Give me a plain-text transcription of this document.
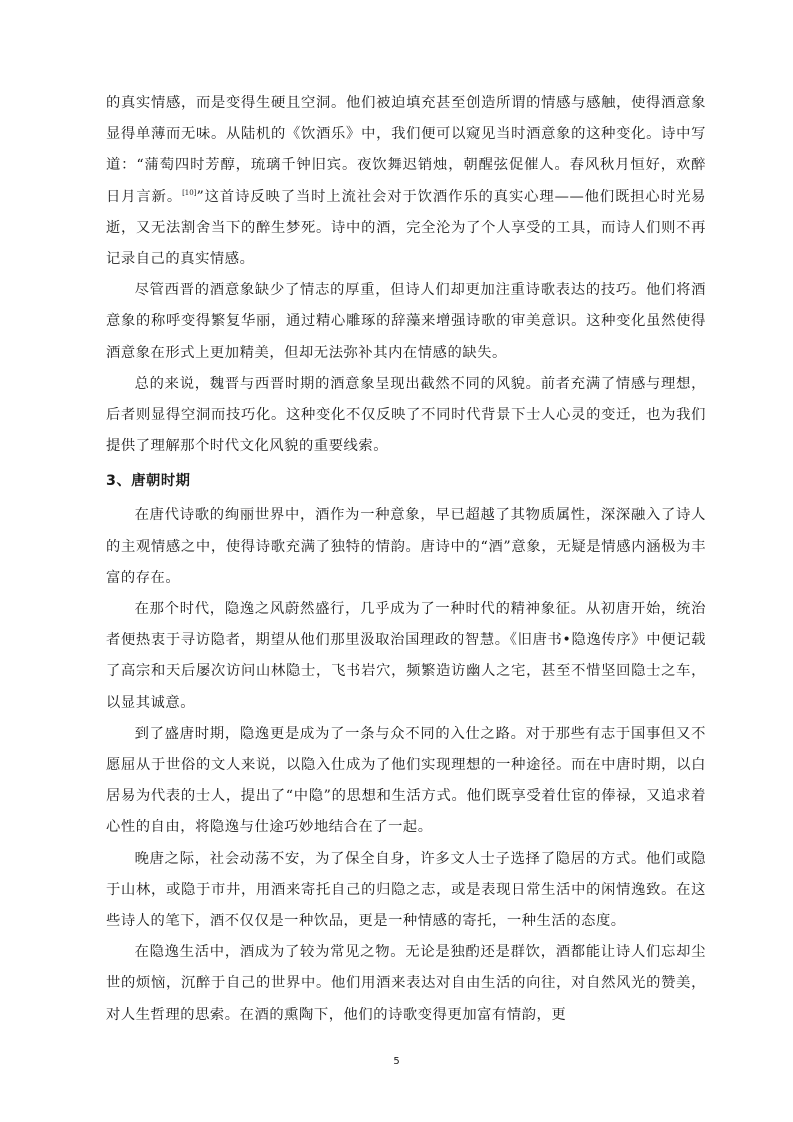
的真实情感，而是变得生硬且空洞。他们被迫填充甚至创造所谓的情感与感触，使得酒意象显得单薄而无味。从陆机的《饮酒乐》中，我们便可以窥见当时酒意象的这种变化。诗中写道：“蒲萄四时芳醇，琉璃千钟旧宾。夜饮舞迟销烛，朝醒弦促催人。春风秋月恒好，欢醉日月言新。[10]”这首诗反映了当时上流社会对于饮酒作乐的真实心理——他们既担心时光易逝，又无法割舍当下的醉生梦死。诗中的酒，完全沦为了个人享受的工具，而诗人们则不再记录自己的真实情感。

尽管西晋的酒意象缺少了情志的厚重，但诗人们却更加注重诗歌表达的技巧。他们将酒意象的称呼变得繁复华丽，通过精心雕琢的辞藻来增强诗歌的审美意识。这种变化虽然使得酒意象在形式上更加精美，但却无法弥补其内在情感的缺失。

总的来说，魏晋与西晋时期的酒意象呈现出截然不同的风貌。前者充满了情感与理想，后者则显得空洞而技巧化。这种变化不仅反映了不同时代背景下士人心灵的变迁，也为我们提供了理解那个时代文化风貌的重要线索。

3、唐朝时期

在唐代诗歌的绚丽世界中，酒作为一种意象，早已超越了其物质属性，深深融入了诗人的主观情感之中，使得诗歌充满了独特的情韵。唐诗中的“酒”意象，无疑是情感内涵极为丰富的存在。

在那个时代，隐逸之风蔚然盛行，几乎成为了一种时代的精神象征。从初唐开始，统治者便热衷于寻访隐者，期望从他们那里汲取治国理政的智慧。《旧唐书•隐逸传序》中便记载了高宗和天后屡次访问山林隐士，飞书岩穴，频繁造访幽人之宅，甚至不惜坚回隐士之车，以显其诚意。

到了盛唐时期，隐逸更是成为了一条与众不同的入仕之路。对于那些有志于国事但又不愿屈从于世俗的文人来说，以隐入仕成为了他们实现理想的一种途径。而在中唐时期，以白居易为代表的士人，提出了“中隐”的思想和生活方式。他们既享受着仕宦的俸禄，又追求着心性的自由，将隐逸与仕途巧妙地结合在了一起。

晚唐之际，社会动荡不安，为了保全自身，许多文人士子选择了隐居的方式。他们或隐于山林，或隐于市井，用酒来寄托自己的归隐之志，或是表现日常生活中的闲情逸致。在这些诗人的笔下，酒不仅仅是一种饮品，更是一种情感的寄托，一种生活的态度。

在隐逸生活中，酒成为了较为常见之物。无论是独酌还是群饮，酒都能让诗人们忘却尘世的烦恼，沉醉于自己的世界中。他们用酒来表达对自由生活的向往，对自然风光的赞美，对人生哲理的思索。在酒的熏陶下，他们的诗歌变得更加富有情韵，更

5
